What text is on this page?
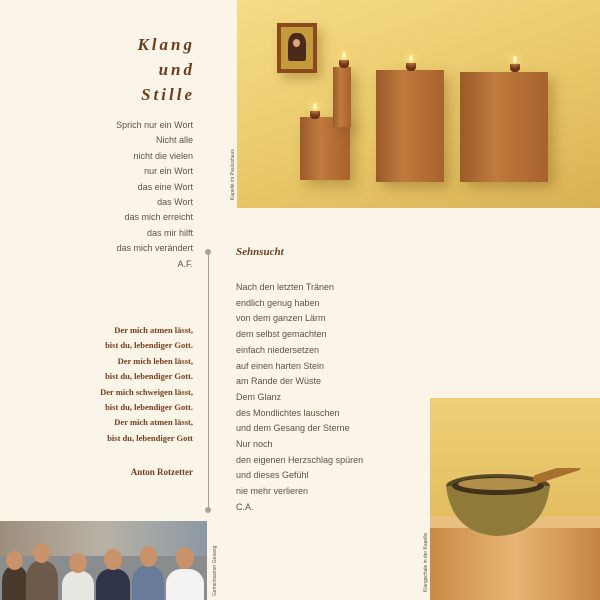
Klang
und
Stille
Sprich nur ein Wort
Nicht alle
nicht die vielen
nur ein Wort
das eine Wort
das Wort
das mich erreicht
das mir hilft
das mich verändert
A.F.
Der mich atmen lässt,
bist du, lebendiger Gott.
Der mich leben lässt,
bist du, lebendiger Gott.
Der mich schweigen lässt,
bist du, lebendiger Gott.
Der mich atmen lässt,
bist du, lebendiger Gott
Anton Rotzetter
Sehnsucht
Nach den letzten Tränen
endlich genug haben
von dem ganzen Lärm
dem selbst gemachten
einfach niedersetzen
auf einen harten Stein
am Rande der Wüste
Dem Glanz
des Mondlichtes lauschen
und dem Gesang der Sterne
Nur noch
den eigenen Herzschlag spüren
und dieses Gefühl
nie mehr verlieren
C.A.
Kapelle im Paulushaus
Klangschale in der Kapelle
Gemeinsamer Gesang
